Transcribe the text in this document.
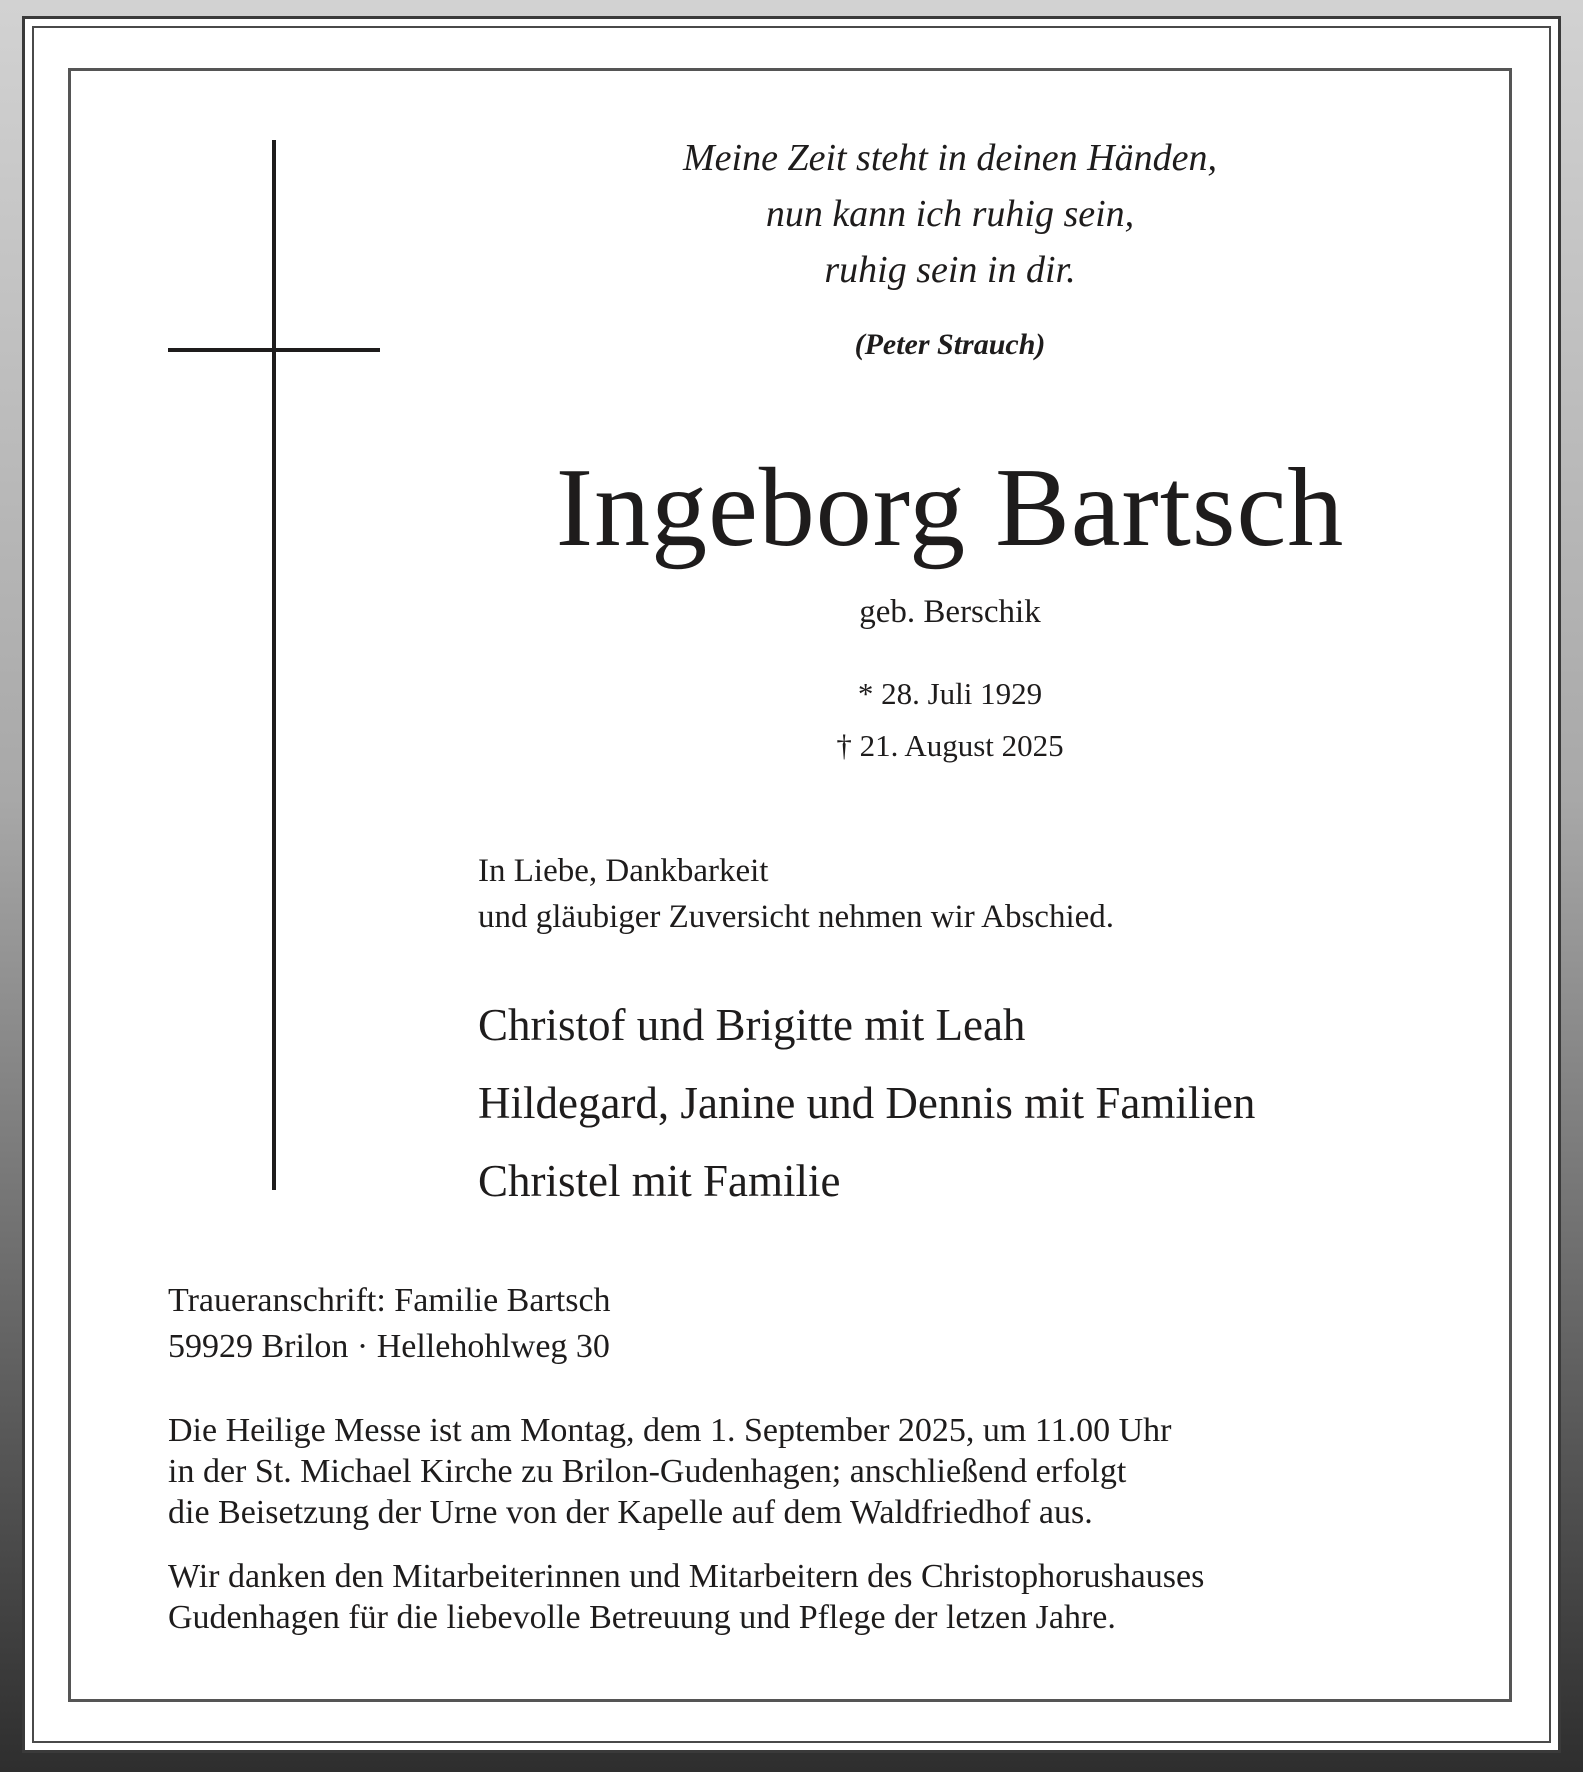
Meine Zeit steht in deinen Händen,
nun kann ich ruhig sein,
ruhig sein in dir.
(Peter Strauch)
Ingeborg Bartsch
geb. Berschik
* 28. Juli 1929
† 21. August 2025
In Liebe, Dankbarkeit
und gläubiger Zuversicht nehmen wir Abschied.
Christof und Brigitte mit Leah
Hildegard, Janine und Dennis mit Familien
Christel mit Familie
Traueranschrift: Familie Bartsch
59929 Brilon · Hellehohlweg 30
Die Heilige Messe ist am Montag, dem 1. September 2025, um 11.00 Uhr
in der St. Michael Kirche zu Brilon-Gudenhagen; anschließend erfolgt
die Beisetzung der Urne von der Kapelle auf dem Waldfriedhof aus.
Wir danken den Mitarbeiterinnen und Mitarbeitern des Christophorushauses
Gudenhagen für die liebevolle Betreuung und Pflege der letzen Jahre.
